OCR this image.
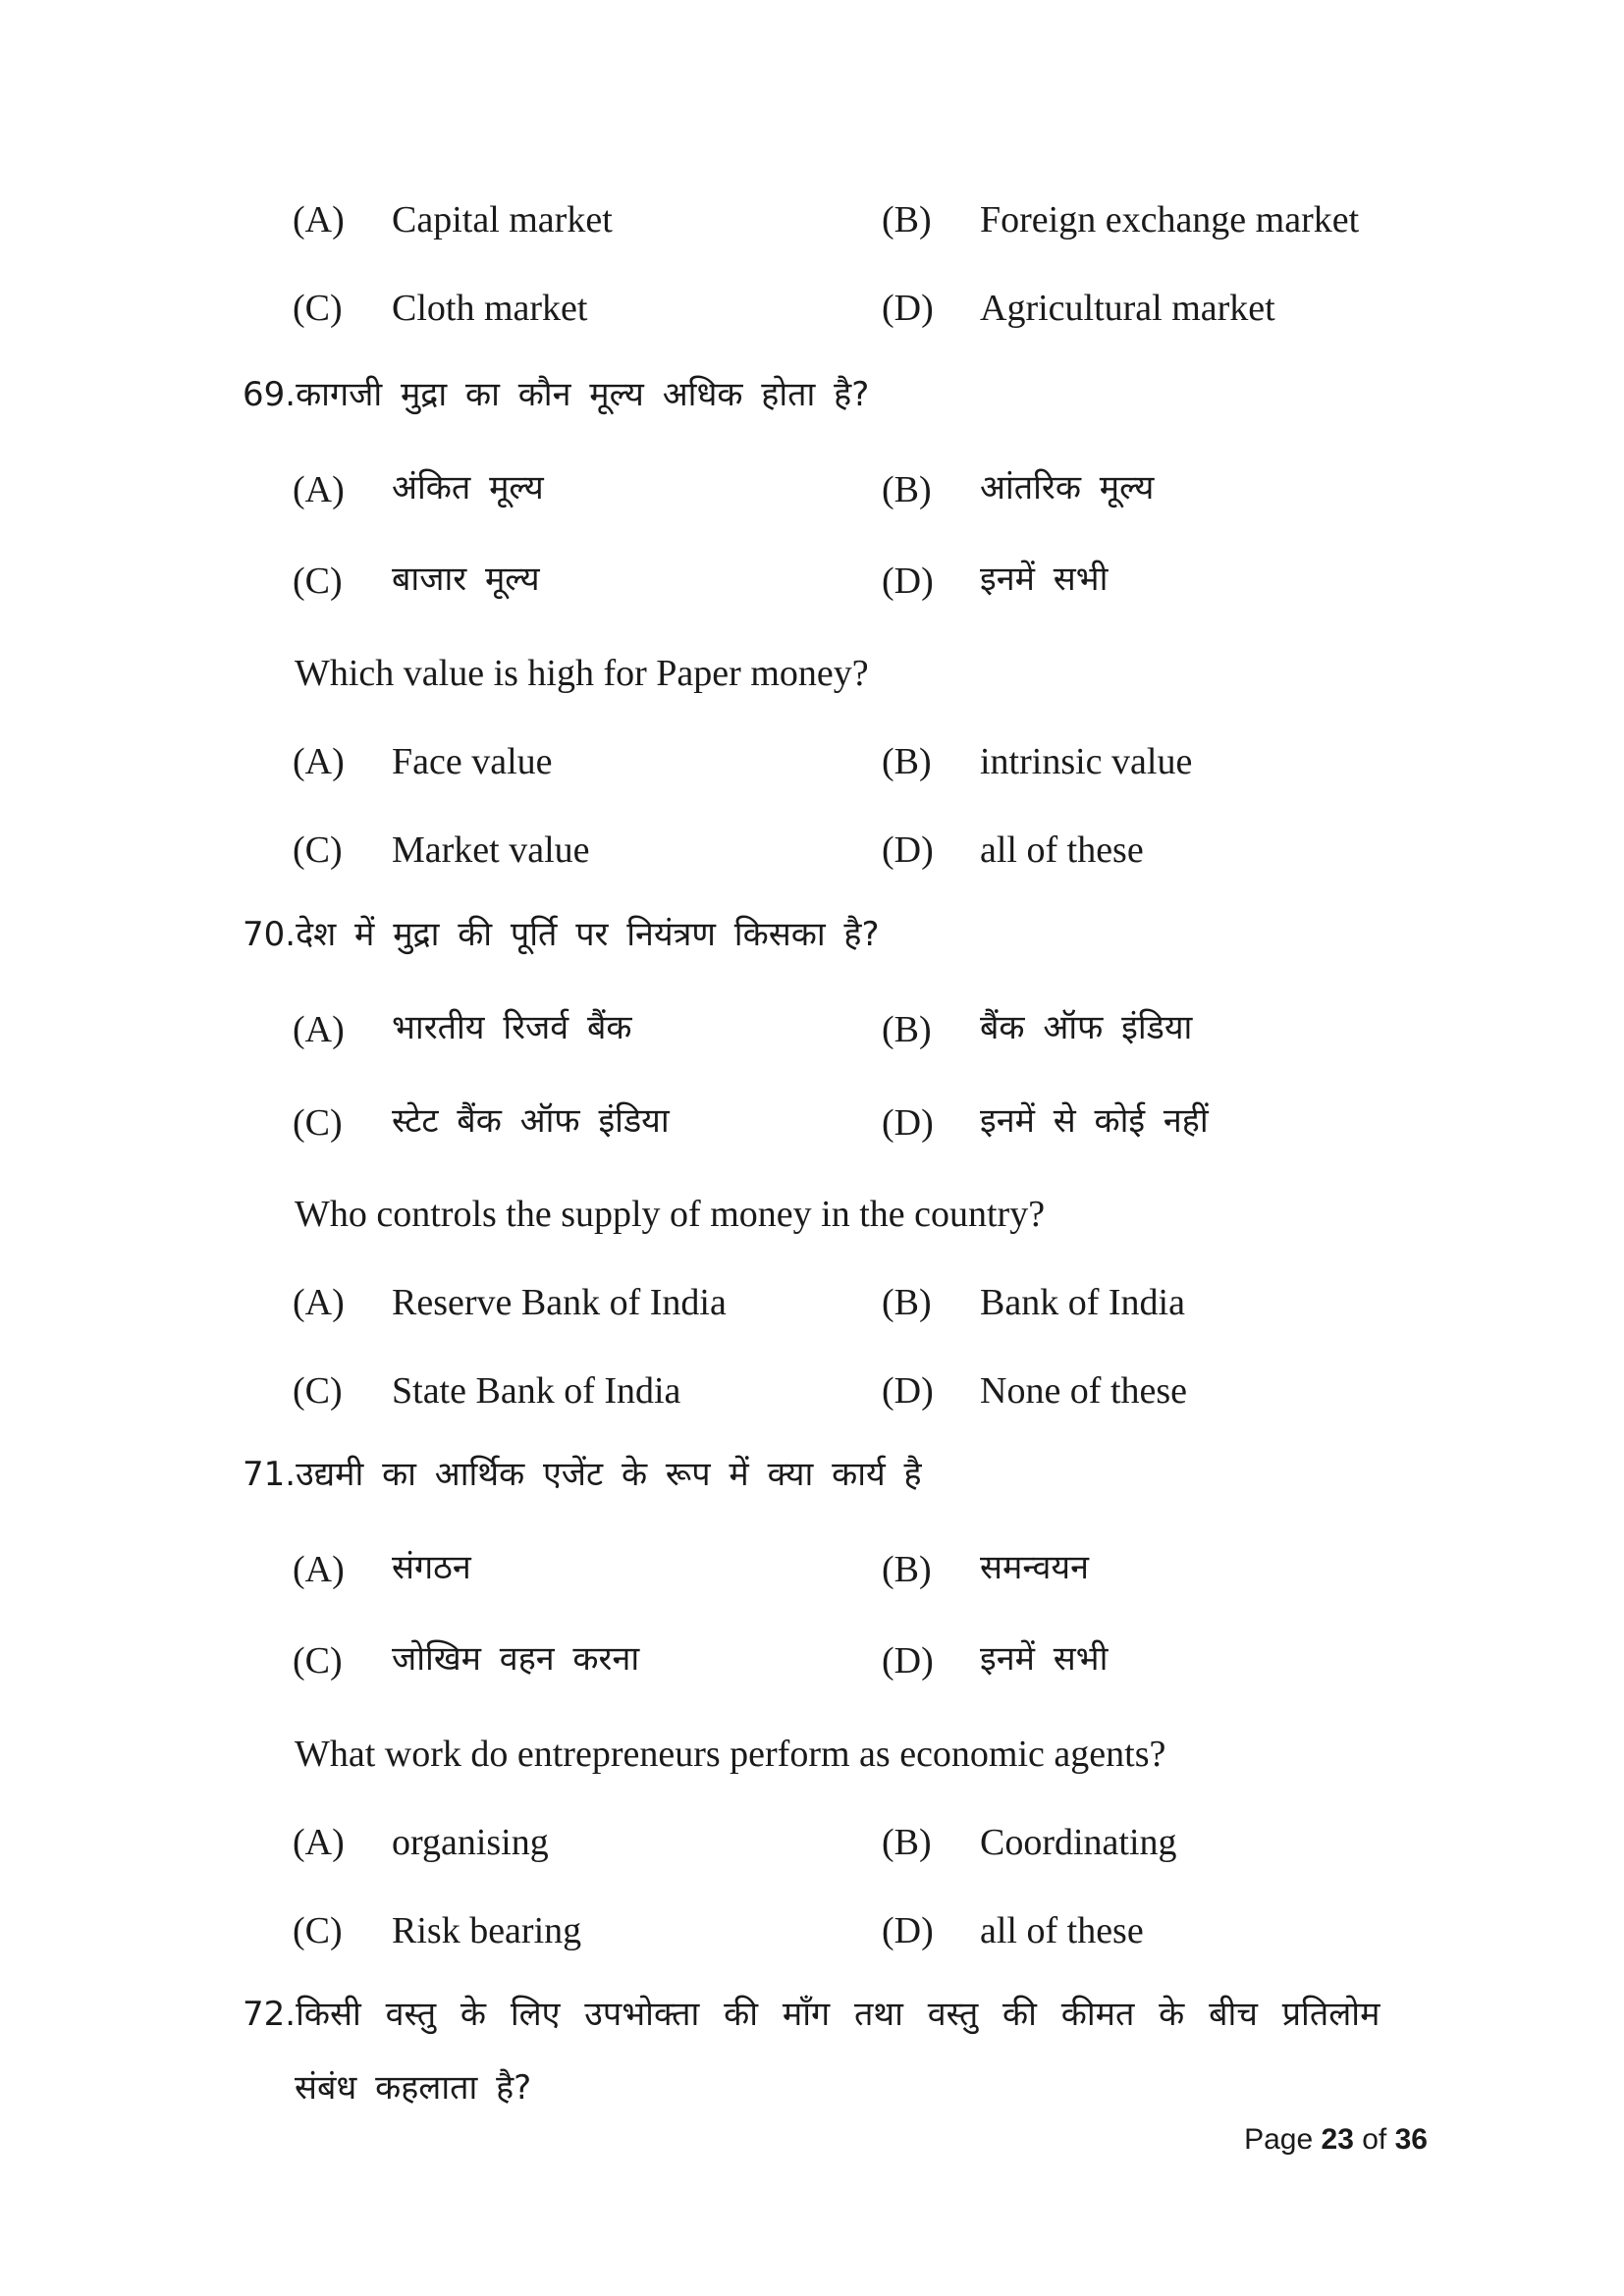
(A) Capital market	(B) Foreign exchange market
(C) Cloth market	(D) Agricultural market
69.कागजी मुद्रा का कौन मूल्य अधिक होता है?
(A) अंकित मूल्य	(B) आंतरिक मूल्य
(C) बाजार मूल्य	(D) इनमें सभी
Which value is high for Paper money?
(A) Face value	(B) intrinsic value
(C) Market value	(D) all of these
70.देश में मुद्रा की पूर्ति पर नियंत्रण किसका है?
(A) भारतीय रिजर्व बैंक	(B) बैंक ऑफ इंडिया
(C) स्टेट बैंक ऑफ इंडिया	(D) इनमें से कोई नहीं
Who controls the supply of money in the country?
(A) Reserve Bank of India	(B) Bank of India
(C) State Bank of India	(D) None of these
71.उद्यमी का आर्थिक एजेंट के रूप में क्या कार्य है
(A) संगठन	(B) समन्वयन
(C) जोखिम वहन करना	(D) इनमें सभी
What work do entrepreneurs perform as economic agents?
(A) organising	(B) Coordinating
(C) Risk bearing	(D) all of these
72.किसी वस्तु के लिए उपभोक्ता की माँग तथा वस्तु की कीमत के बीच प्रतिलोम
संबंध कहलाता है?
Page 23 of 36
